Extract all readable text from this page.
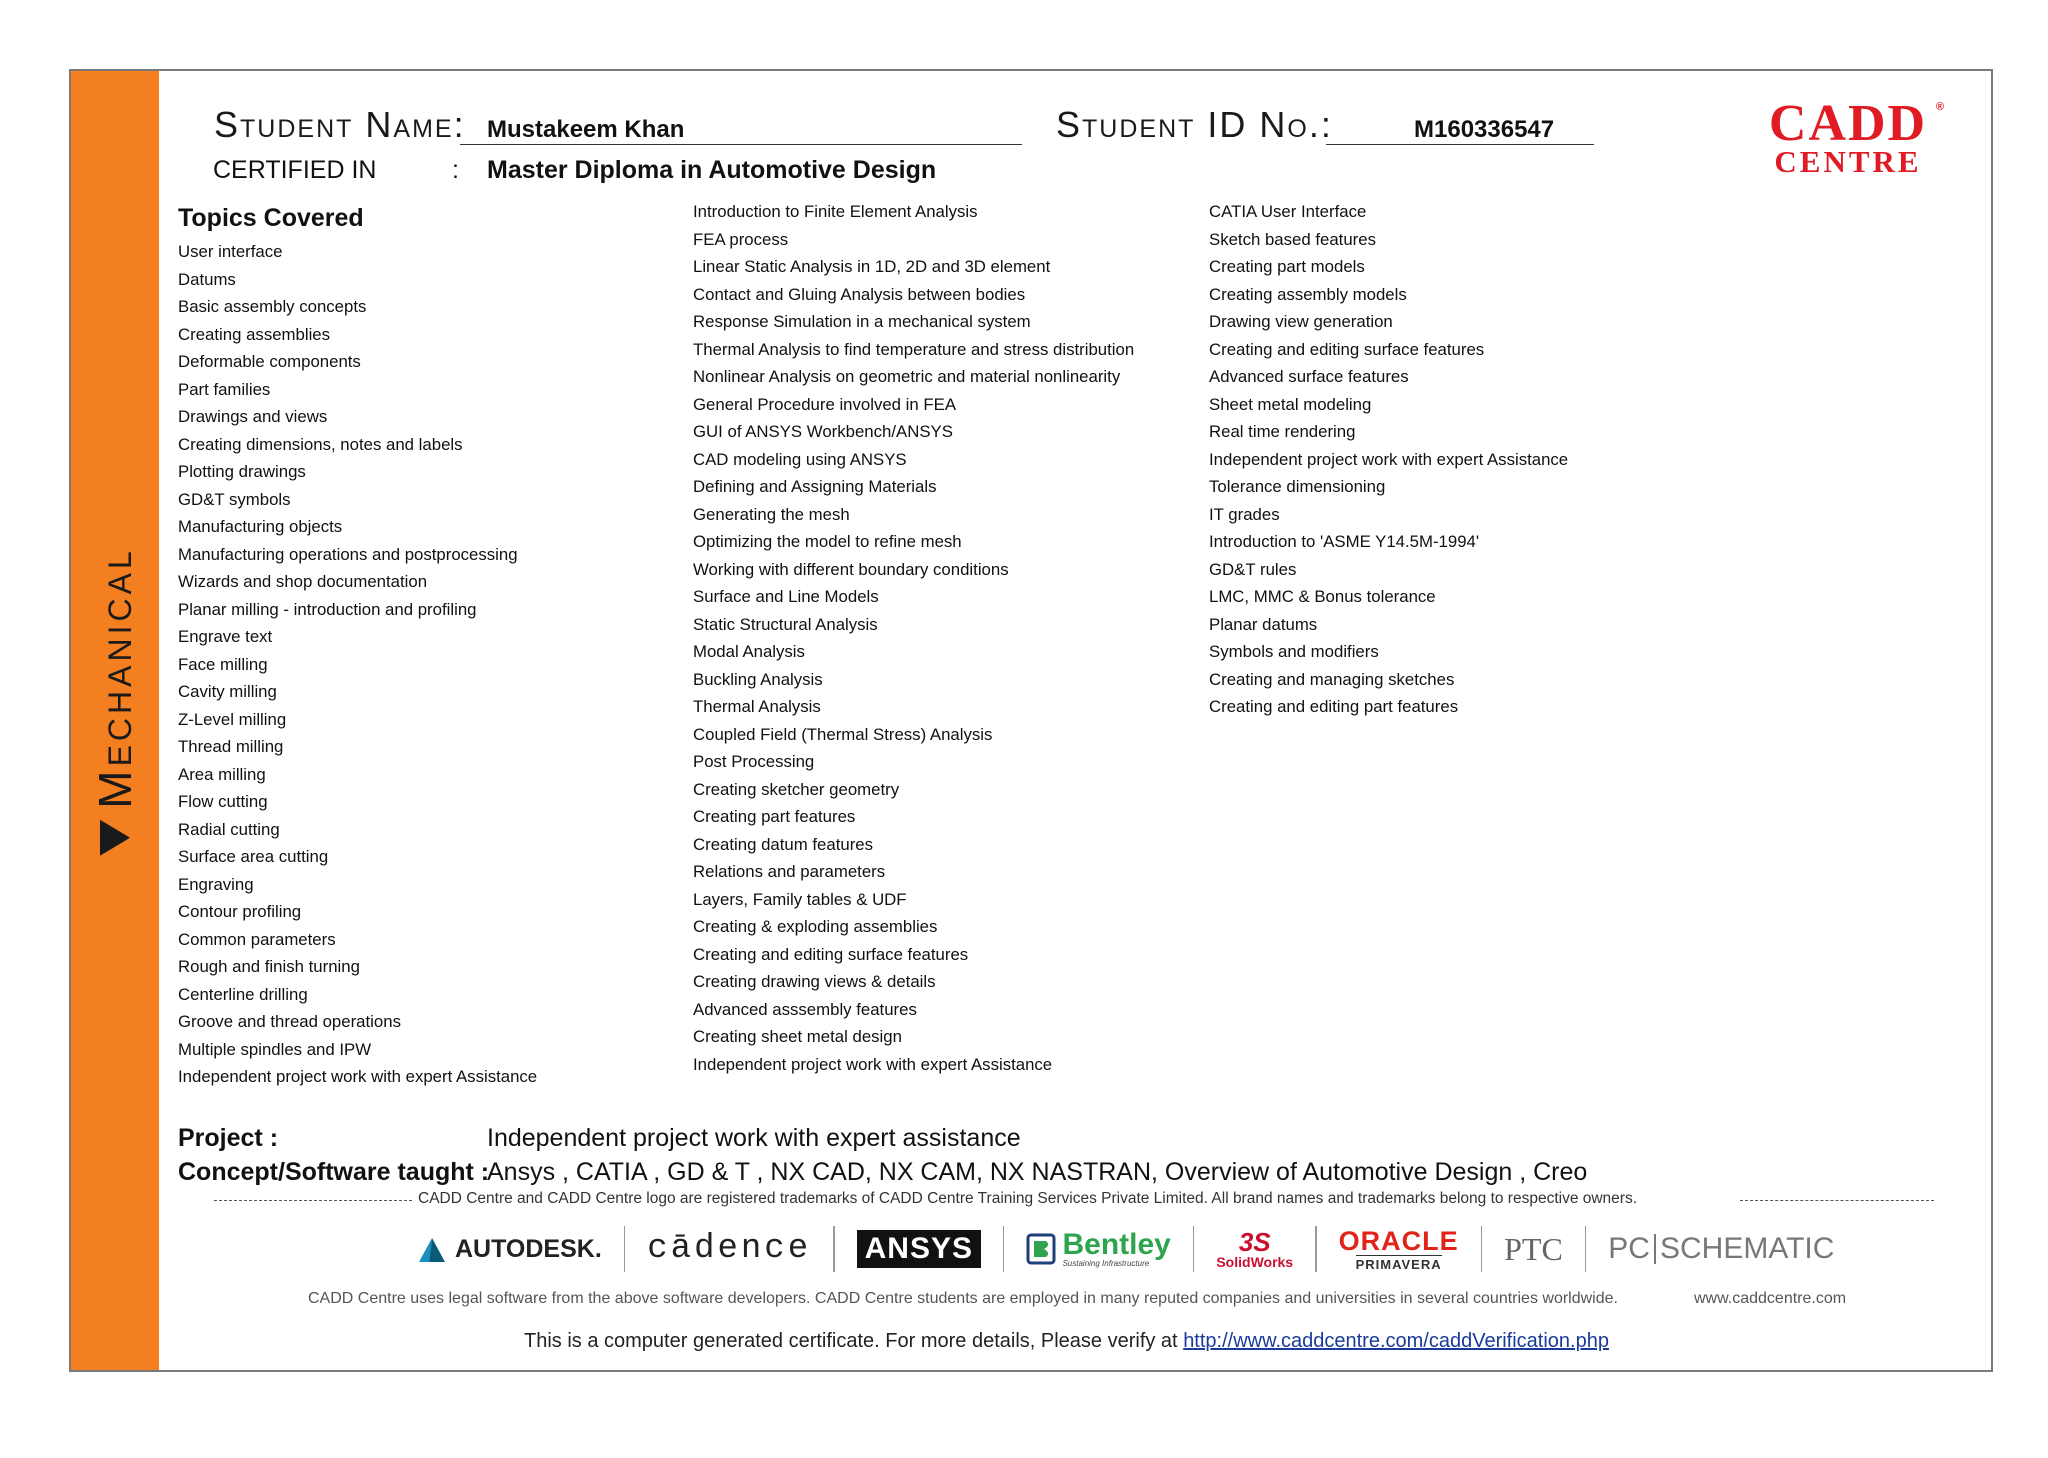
Mechanical
Student Name: Mustakeem Khan	Student ID No.:	M160336547
CERTIFIED IN	: Master Diploma in Automotive Design
CADD
CENTRE
®
Topics Covered
User interface
Datums
Basic assembly concepts
Creating assemblies
Deformable components
Part families
Drawings and views
Creating dimensions, notes and labels
Plotting drawings
GD&T symbols
Manufacturing objects
Manufacturing operations and postprocessing
Wizards and shop documentation
Planar milling - introduction and profiling
Engrave text
Face milling
Cavity milling
Z-Level milling
Thread milling
Area milling
Flow cutting
Radial cutting
Surface area cutting
Engraving
Contour profiling
Common parameters
Rough and finish turning
Centerline drilling
Groove and thread operations
Multiple spindles and IPW
Independent project work with expert Assistance
Introduction to Finite Element Analysis
FEA process
Linear Static Analysis in 1D, 2D and 3D element
Contact and Gluing Analysis between bodies
Response Simulation in a mechanical system
Thermal Analysis to find temperature and stress distribution
Nonlinear Analysis on geometric and material nonlinearity
General Procedure involved in FEA
GUI of ANSYS Workbench/ANSYS
CAD modeling using ANSYS
Defining and Assigning Materials
Generating the mesh
Optimizing the model to refine mesh
Working with different boundary conditions
Surface and Line Models
Static Structural Analysis
Modal Analysis
Buckling Analysis
Thermal Analysis
Coupled Field (Thermal Stress) Analysis
Post Processing
Creating sketcher geometry
Creating part features
Creating datum features
Relations and parameters
Layers, Family tables & UDF
Creating & exploding assemblies
Creating and editing surface features
Creating drawing views & details
Advanced asssembly features
Creating sheet metal design
Independent project work with expert Assistance
CATIA User Interface
Sketch based features
Creating part models
Creating assembly models
Drawing view generation
Creating and editing surface features
Advanced surface features
Sheet metal modeling
Real time rendering
Independent project work with expert Assistance
Tolerance dimensioning
IT grades
Introduction to 'ASME Y14.5M-1994'
GD&T rules
LMC, MMC & Bonus tolerance
Planar datums
Symbols and modifiers
Creating and managing sketches
Creating and editing part features
Project :	Independent project work with expert assistance
Concept/Software taught :
Ansys , CATIA , GD & T , NX CAD, NX CAM, NX NASTRAN, Overview of Automotive Design , Creo
CADD Centre and CADD Centre logo are registered trademarks of CADD Centre Training Services Private Limited. All brand names and trademarks belong to respective owners.
AUTODESK. cādence ANSYS	Bentley
Sustaining Infrastructure
3S
SolidWorks
ORACLE
PRIMAVERA PTC PC SCHEMATIC
CADD Centre uses legal software from the above software developers. CADD Centre students are employed in many reputed companies and universities in several countries worldwide.	www.caddcentre.com
This is a computer generated certificate. For more details, Please verify at http://www.caddcentre.com/caddVerification.php
